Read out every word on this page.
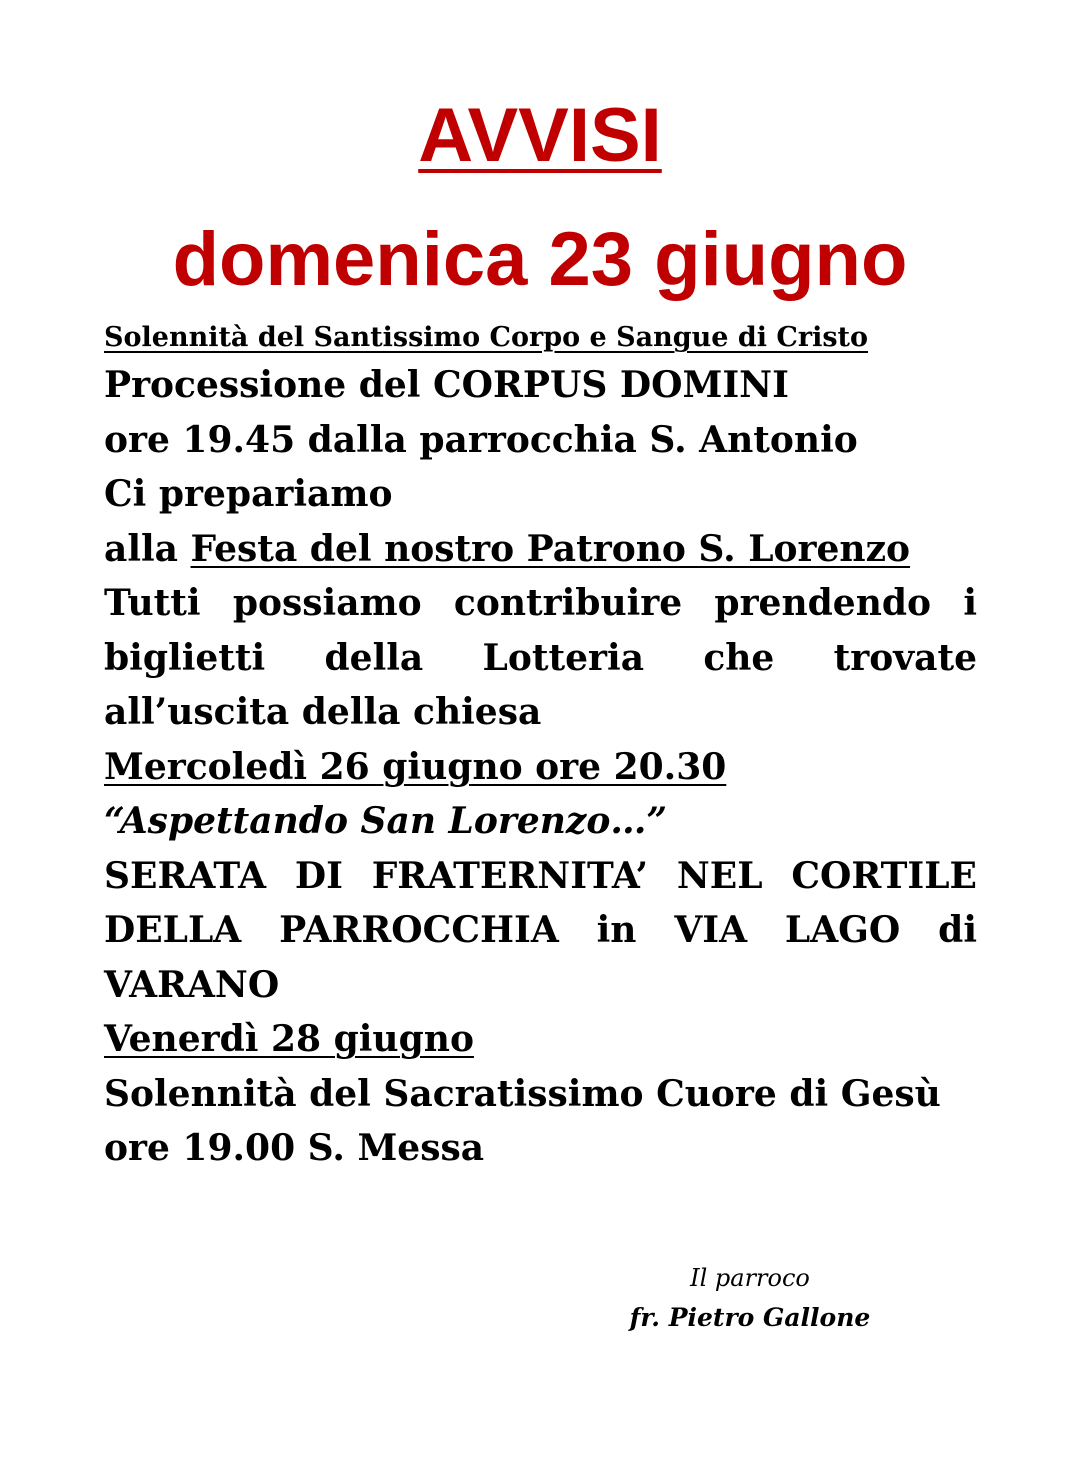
AVVISI
domenica 23 giugno

Solennità del Santissimo Corpo e Sangue di Cristo

Processione del CORPUS DOMINI

ore 19.45 dalla parrocchia S. Antonio

Ci prepariamo

alla Festa del nostro Patrono S. Lorenzo

Tutti possiamo contribuire prendendo i biglietti della Lotteria che trovate all’uscita della chiesa

Mercoledì 26 giugno ore 20.30

“Aspettando San Lorenzo…”

SERATA DI FRATERNITA’ NEL CORTILE DELLA PARROCCHIA in VIA LAGO di VARANO

Venerdì 28 giugno

Solennità del Sacratissimo Cuore di Gesù

ore 19.00 S. Messa

Il parroco
fr. Pietro Gallone
